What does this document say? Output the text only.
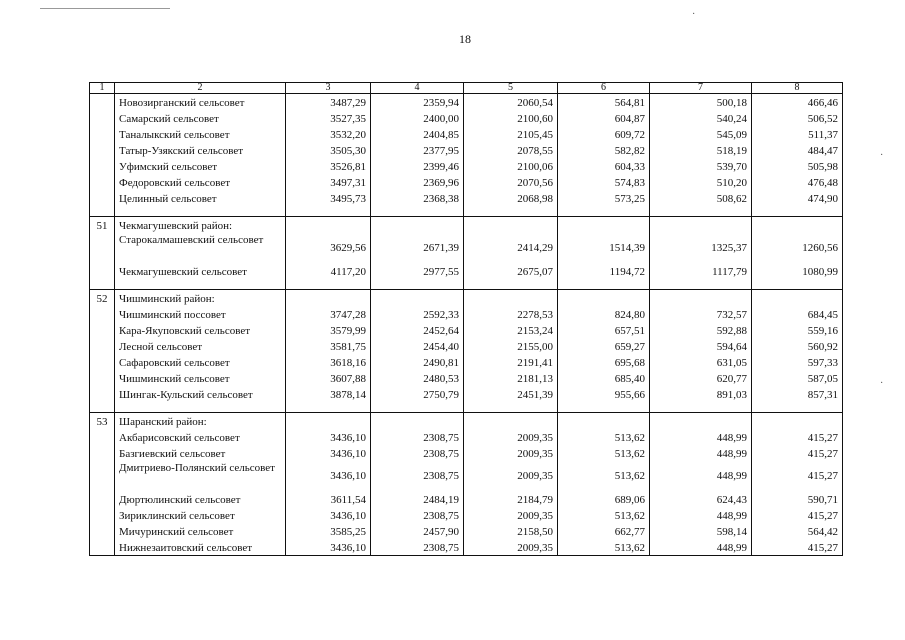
18
·
·
·
1	2	3	4	5	6	7	8
	Новозирганский сельсовет	3487,29	2359,94	2060,54	564,81	500,18	466,46
	Самарский сельсовет	3527,35	2400,00	2100,60	604,87	540,24	506,52
	Таналыкский сельсовет	3532,20	2404,85	2105,45	609,72	545,09	511,37
	Татыр-Узякский сельсовет	3505,30	2377,95	2078,55	582,82	518,19	484,47
	Уфимский сельсовет	3526,81	2399,46	2100,06	604,33	539,70	505,98
	Федоровский сельсовет	3497,31	2369,96	2070,56	574,83	510,20	476,48
	Целинный сельсовет	3495,73	2368,38	2068,98	573,25	508,62	474,90

51	Чекмагушевский район:						
	Старокалмашевский сельсовет	3629,56	2671,39	2414,29	1514,39	1325,37	1260,56
	Чекмагушевский сельсовет	4117,20	2977,55	2675,07	1194,72	1117,79	1080,99

52	Чишминский район:						
	Чишминский поссовет	3747,28	2592,33	2278,53	824,80	732,57	684,45
	Кара-Якуповский сельсовет	3579,99	2452,64	2153,24	657,51	592,88	559,16
	Лесной сельсовет	3581,75	2454,40	2155,00	659,27	594,64	560,92
	Сафаровский сельсовет	3618,16	2490,81	2191,41	695,68	631,05	597,33
	Чишминский сельсовет	3607,88	2480,53	2181,13	685,40	620,77	587,05
	Шингак-Кульский сельсовет	3878,14	2750,79	2451,39	955,66	891,03	857,31

53	Шаранский район:						
	Акбарисовский сельсовет	3436,10	2308,75	2009,35	513,62	448,99	415,27
	Базгиевский сельсовет	3436,10	2308,75	2009,35	513,62	448,99	415,27
	Дмитриево-Полянский сельсовет	3436,10	2308,75	2009,35	513,62	448,99	415,27
	Дюртюлинский сельсовет	3611,54	2484,19	2184,79	689,06	624,43	590,71
	Зириклинский сельсовет	3436,10	2308,75	2009,35	513,62	448,99	415,27
	Мичуринский сельсовет	3585,25	2457,90	2158,50	662,77	598,14	564,42
	Нижнезаитовский сельсовет	3436,10	2308,75	2009,35	513,62	448,99	415,27
